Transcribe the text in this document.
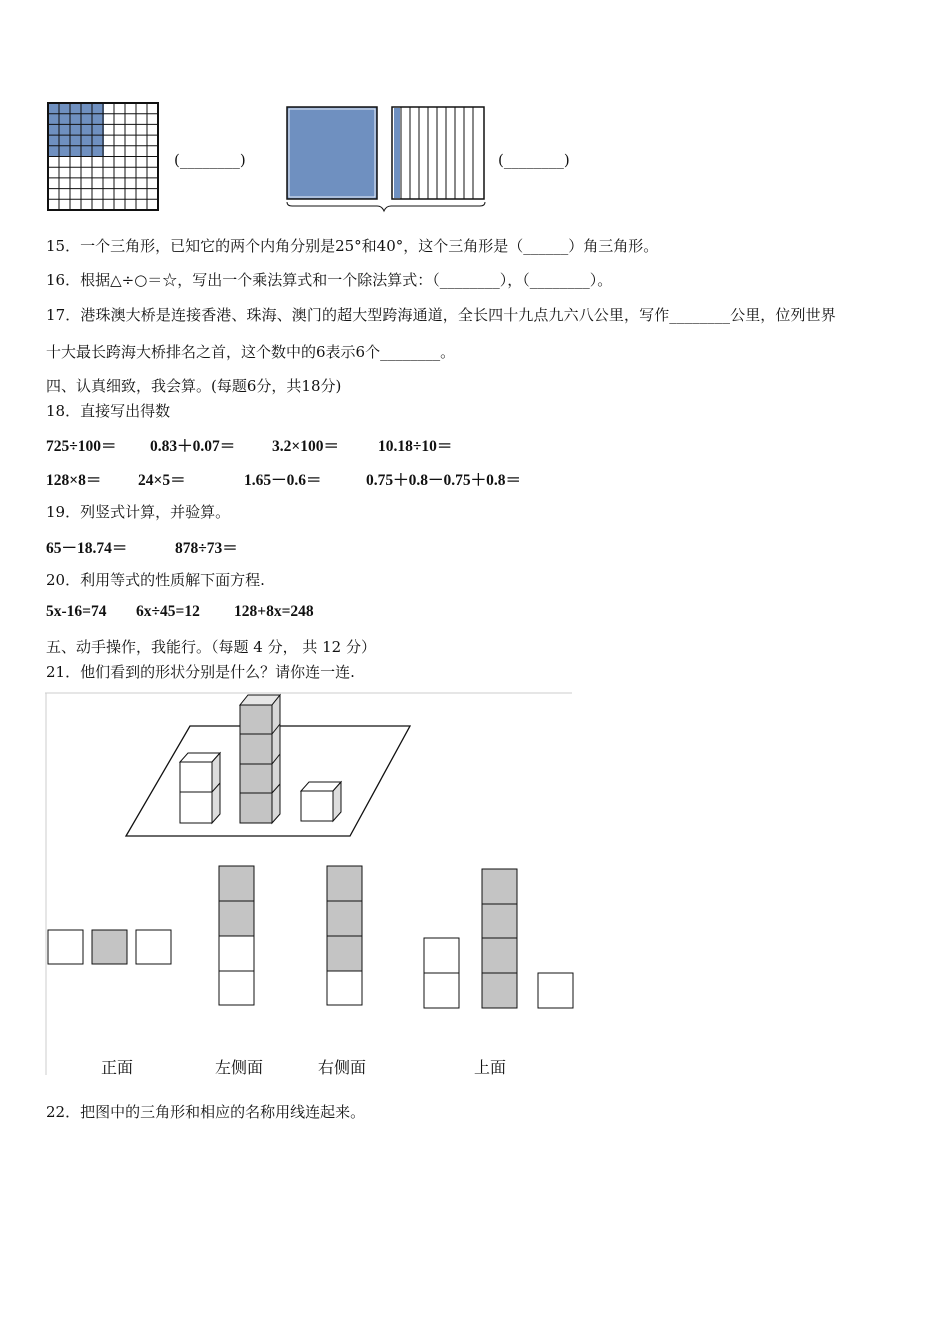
(________)	(________)
15．一个三角形，已知它的两个内角分别是25°和40°，这个三角形是（______）角三角形。
16．根据△÷○＝☆，写出一个乘法算式和一个除法算式：（________），（________）。
17．港珠澳大桥是连接香港、珠海、澳门的超大型跨海通道，全长四十九点九六八公里，写作________公里，位列世界
十大最长跨海大桥排名之首，这个数中的6表示6个________。
四、认真细致，我会算。(每题6分，共18分)
18．直接写出得数
725÷100＝ 0.83＋0.07＝ 3.2×100＝	10.18÷10＝
128×8＝ 24×5＝	1.65－0.6＝	0.75＋0.8－0.75＋0.8＝
19．列竖式计算，并验算。
65－18.74＝	878÷73＝
20．利用等式的性质解下面方程.
5x-16=74 6x÷45=12 128+8x=248
五、动手操作，我能行。（每题 4 分， 共 12 分）
21．他们看到的形状分别是什么？请你连一连.
正面	左侧面	右侧面	上面
22．把图中的三角形和相应的名称用线连起来。
